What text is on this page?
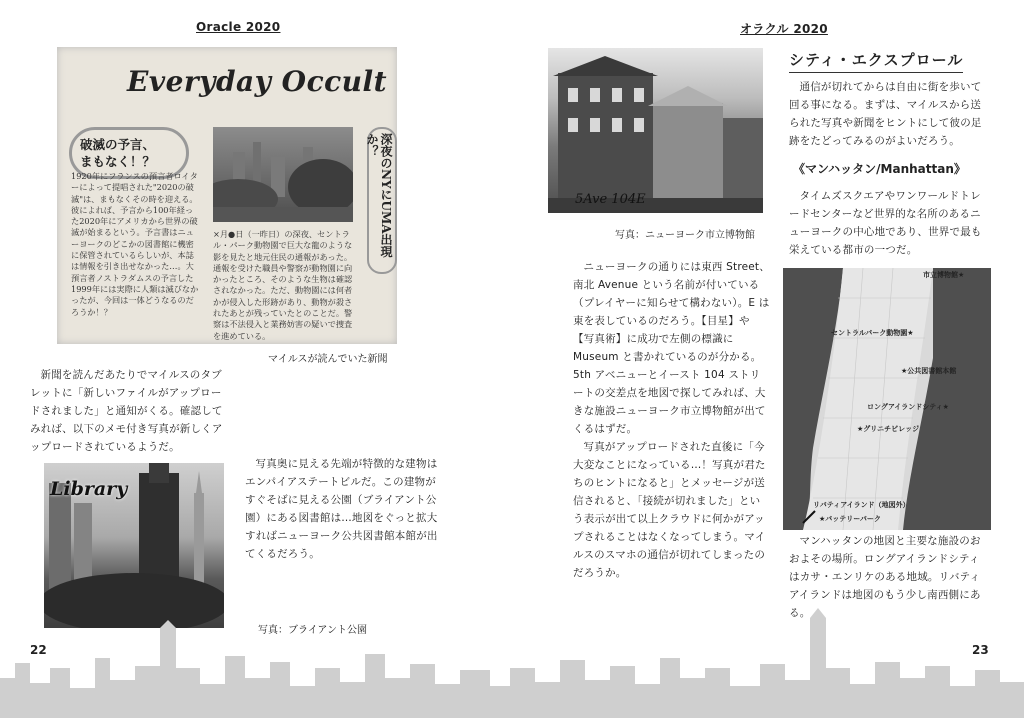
Oracle 2020
Everyday Occult
破滅の予言、
まもなく！？
1920年にフランスの預言者ロイターによって提唱された"2020の破滅"は、まもなくその時を迎える。彼によれば、予言から100年経った2020年にアメリカから世界の破滅が始まるという。予言書はニューヨークのどこかの図書館に機密に保管されているらしいが、本誌は情報を引き出せなかった…。大預言者ノストラダムスの予言した1999年には実際に人類は滅びなかったが、今回は一体どうなるのだろうか！？
×月●日（一昨日）の深夜、セントラル・パーク動物園で巨大な龍のような影を見たと地元住民の通報があった。通報を受けた職員や警察が動物園に向かったところ、そのような生物は確認されなかった。ただ、動物園には何者かが侵入した形跡があり、動物が殺されたあとが残っていたとのことだ。警察は不法侵入と業務妨害の疑いで捜査を進めている。
深夜のNYにUMA出現か？
マイルスが読んでいた新聞

新聞を読んだあたりでマイルスのタブレットに「新しいファイルがアップロードされました」と通知がくる。確認してみれば、以下のメモ付き写真が新しくアップロードされているようだ。

Library

写真奥に見える先端が特徴的な建物はエンパイアステートビルだ。この建物がすぐそばに見える公園（ブライアント公園）にある図書館は…地図をぐっと拡大すればニューヨーク公共図書館本館が出てくるだろう。

写真：ブライアント公園
22
オラクル 2020
23
5Ave 104E
写真：ニューヨーク市立博物館
シティ・エクスプロール

通信が切れてからは自由に街を歩いて回る事になる。まずは、マイルスから送られた写真や新聞をヒントにして彼の足跡をたどってみるのがよいだろう。

《マンハッタン/Manhattan》

タイムズスクエアやワンワールドトレードセンターなど世界的な名所のあるニューヨークの中心地であり、世界で最も栄えている都市の一つだ。

ニューヨークの通りには東西 Street、南北 Avenue という名前が付いている（プレイヤーに知らせて構わない）。E は東を表しているのだろう。【目星】や【写真術】に成功で左側の標識に Museum と書かれているのが分かる。5th アベニューとイースト 104 ストリートの交差点を地図で探してみれば、大きな施設ニューヨーク市立博物館が出てくるはずだ。

写真がアップロードされた直後に「今大変なことになっている…！写真が君たちのヒントになると」とメッセージが送信されると、「接続が切れました」という表示が出て以上クラウドに何かがアップされることはなくなってしまう。マイルスのスマホの通信が切れてしまったのだろうか。

市立博物館★
セントラルパーク動物園★
★公共図書館本館
ロングアイランドシティ★
★グリニチビレッジ
リバティアイランド（地図外）
★バッテリーパーク

マンハッタンの地図と主要な施設のおおよその場所。ロングアイランドシティはカサ・エンリケのある地域。リバティアイランドは地図のもう少し南西側にある。
